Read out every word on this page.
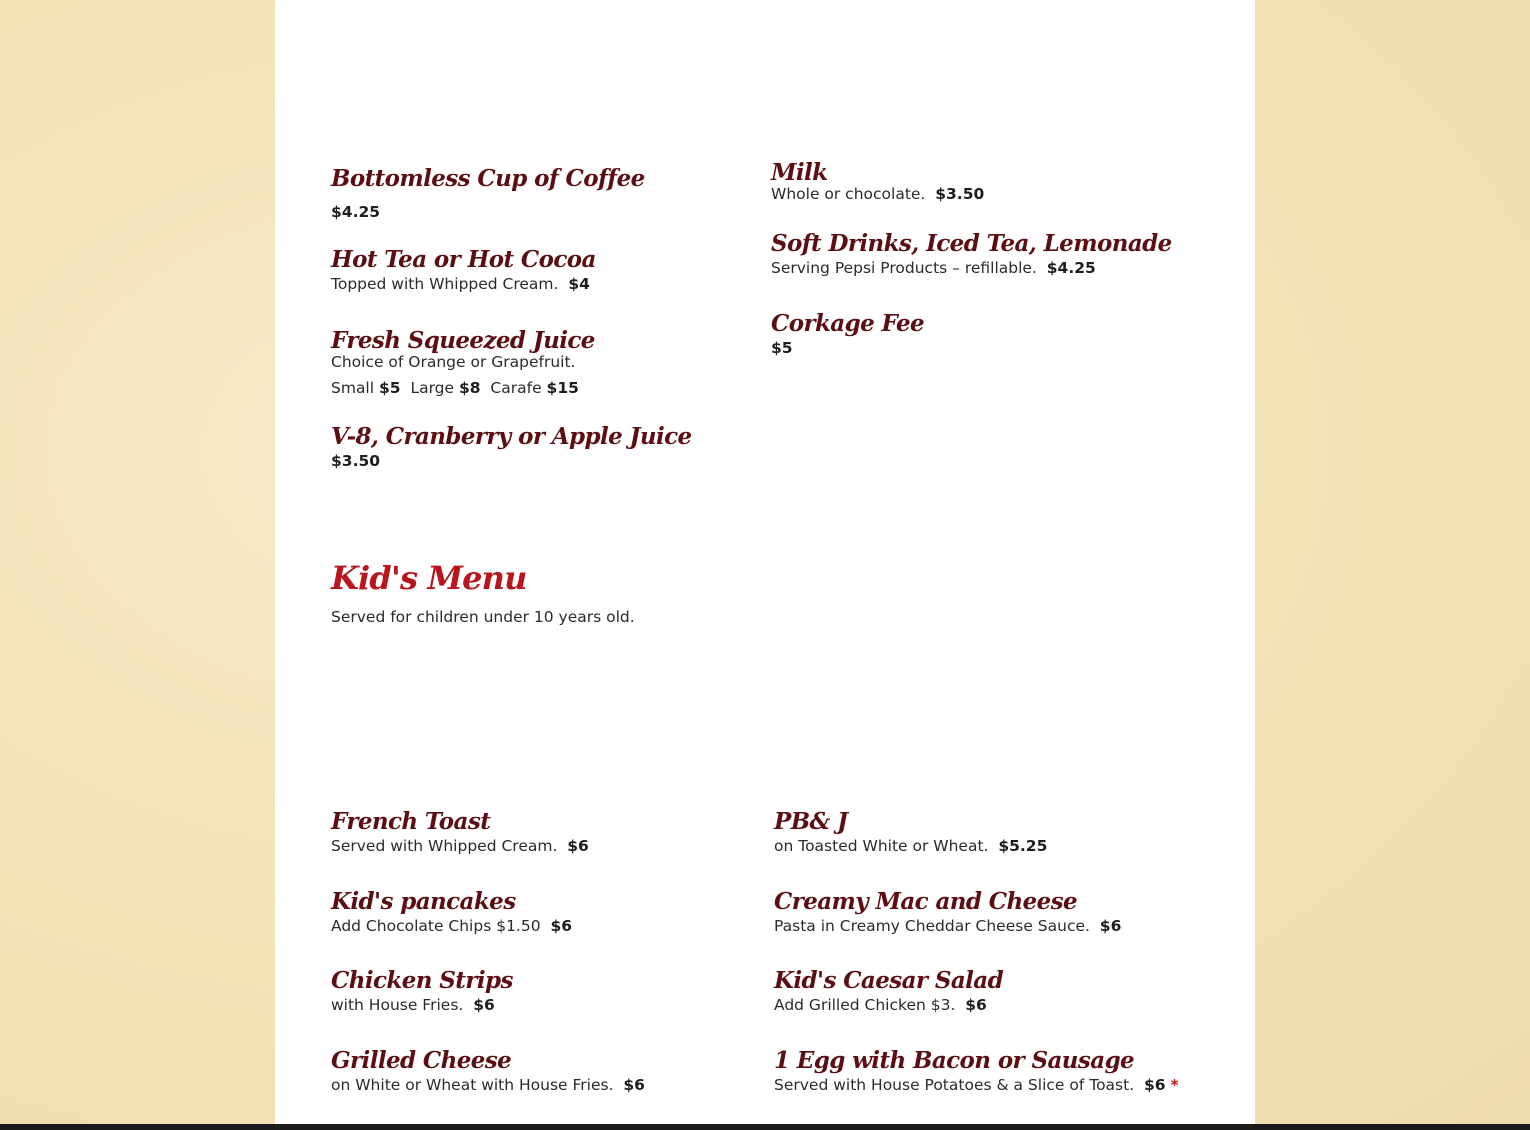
Bottomless Cup of Coffee
$4.25
Hot Tea or Hot Cocoa
Topped with Whipped Cream. $4
Fresh Squeezed Juice
Choice of Orange or Grapefruit.
Small $5 Large $8 Carafe $15
V-8, Cranberry or Apple Juice
$3.50
Milk
Whole or chocolate. $3.50
Soft Drinks, Iced Tea, Lemonade
Serving Pepsi Products – refillable. $4.25
Corkage Fee
$5
Kid's Menu
Served for children under 10 years old.
French Toast
Served with Whipped Cream. $6
Kid's pancakes
Add Chocolate Chips $1.50 $6
Chicken Strips
with House Fries. $6
Grilled Cheese
on White or Wheat with House Fries. $6
PB& J
on Toasted White or Wheat. $5.25
Creamy Mac and Cheese
Pasta in Creamy Cheddar Cheese Sauce. $6
Kid's Caesar Salad
Add Grilled Chicken $3. $6
1 Egg with Bacon or Sausage
Served with House Potatoes & a Slice of Toast. $6 *
